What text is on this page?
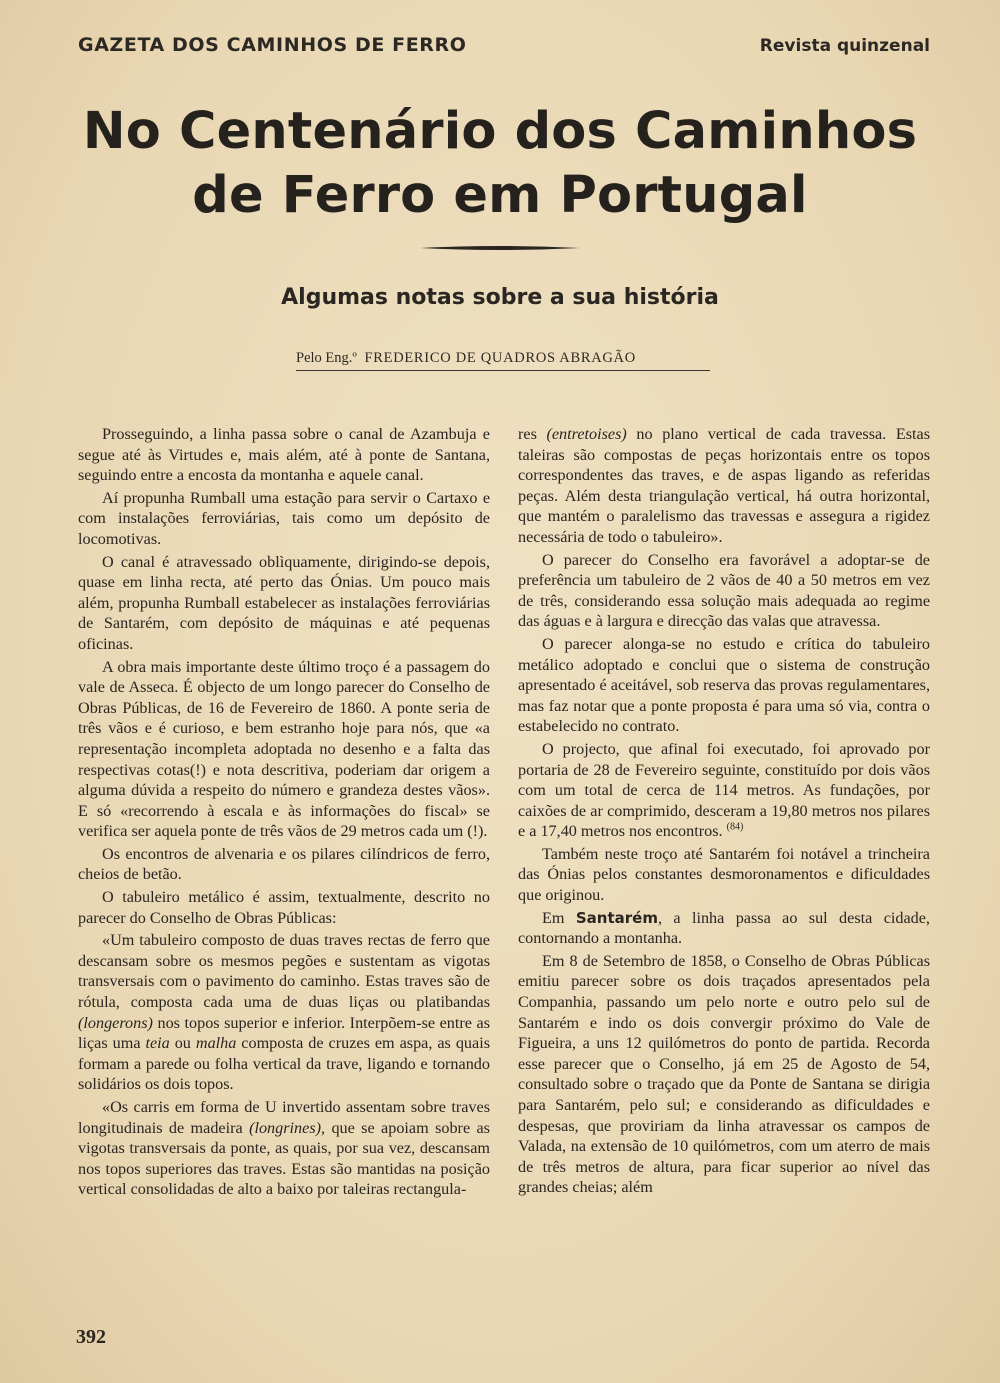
GAZETA DOS CAMINHOS DE FERRO	Revista quinzenal
No Centenário dos Caminhos
de Ferro em Portugal
Algumas notas sobre a sua história
Pelo Eng.º FREDERICO DE QUADROS ABRAGÃO

Prosseguindo, a linha passa sobre o canal de Azambuja e segue até às Virtudes e, mais além, até à ponte de Santana, seguindo entre a encosta da montanha e aquele canal.

Aí propunha Rumball uma estação para servir o Cartaxo e com instalações ferroviárias, tais como um depósito de locomotivas.

O canal é atravessado oblìquamente, dirigindo-se depois, quase em linha recta, até perto das Ónias. Um pouco mais além, propunha Rumball estabelecer as instalações ferroviárias de Santarém, com depósito de máquinas e até pequenas oficinas.

A obra mais importante deste último troço é a passagem do vale de Asseca. É objecto de um longo parecer do Conselho de Obras Públicas, de 16 de Fevereiro de 1860. A ponte seria de três vãos e é curioso, e bem estranho hoje para nós, que «a representação incompleta adoptada no desenho e a falta das respectivas cotas(!) e nota descritiva, poderiam dar origem a alguma dúvida a respeito do número e grandeza destes vãos». E só «recorrendo à escala e às informações do fiscal» se verifica ser aquela ponte de três vãos de 29 metros cada um (!).

Os encontros de alvenaria e os pilares cilíndricos de ferro, cheios de betão.

O tabuleiro metálico é assim, textualmente, descrito no parecer do Conselho de Obras Públicas:

«Um tabuleiro composto de duas traves rectas de ferro que descansam sobre os mesmos pegões e sustentam as vigotas transversais com o pavimento do caminho. Estas traves são de rótula, composta cada uma de duas liças ou platibandas (longerons) nos topos superior e inferior. Interpõem-se entre as liças uma teia ou malha composta de cruzes em aspa, as quais formam a parede ou folha vertical da trave, ligando e tornando solidários os dois topos.

«Os carris em forma de U invertido assentam sobre traves longitudinais de madeira (longrines), que se apoiam sobre as vigotas transversais da ponte, as quais, por sua vez, descansam nos topos superiores das traves. Estas são mantidas na posição vertical consolidadas de alto a baixo por taleiras rectangula-

res (entretoises) no plano vertical de cada travessa. Estas taleiras são compostas de peças horizontais entre os topos correspondentes das traves, e de aspas ligando as referidas peças. Além desta triangulação vertical, há outra horizontal, que mantém o paralelismo das travessas e assegura a rigidez necessária de todo o tabuleiro».

O parecer do Conselho era favorável a adoptar-se de preferência um tabuleiro de 2 vãos de 40 a 50 metros em vez de três, considerando essa solução mais adequada ao regime das águas e à largura e direcção das valas que atravessa.

O parecer alonga-se no estudo e crítica do tabuleiro metálico adoptado e conclui que o sistema de construção apresentado é aceitável, sob reserva das provas regulamentares, mas faz notar que a ponte proposta é para uma só via, contra o estabelecido no contrato.

O projecto, que afinal foi executado, foi aprovado por portaria de 28 de Fevereiro seguinte, constituído por dois vãos com um total de cerca de 114 metros. As fundações, por caixões de ar comprimido, desceram a 19,80 metros nos pilares e a 17,40 metros nos encontros. $^{(84)}$

Também neste troço até Santarém foi notável a trincheira das Ónias pelos constantes desmoronamentos e dificuldades que originou.

Em Santarém, a linha passa ao sul desta cidade, contornando a montanha.

Em 8 de Setembro de 1858, o Conselho de Obras Públicas emitiu parecer sobre os dois traçados apresentados pela Companhia, passando um pelo norte e outro pelo sul de Santarém e indo os dois convergir próximo do Vale de Figueira, a uns 12 quilómetros do ponto de partida. Recorda esse parecer que o Conselho, já em 25 de Agosto de 54, consultado sobre o traçado que da Ponte de Santana se dirigia para Santarém, pelo sul; e considerando as dificuldades e despesas, que proviriam da linha atravessar os campos de Valada, na extensão de 10 quilómetros, com um aterro de mais de três metros de altura, para ficar superior ao nível das grandes cheias; além

392
